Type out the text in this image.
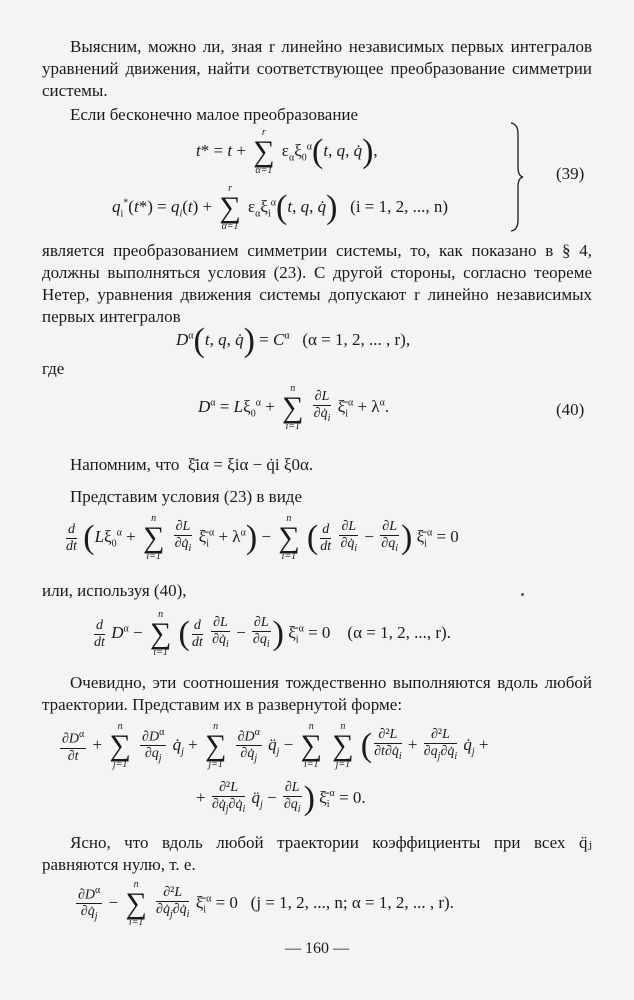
Выясним, можно ли, зная r линейно независимых первых интегралов уравнений движения, найти соответствующее преобразование симметрии системы.

Если бесконечно малое преобразование

t* = t +
r
∑
α=1
$\varepsilon_\alpha\xi_0^\alpha(t$, q, q̇),
$q_i^*(t*) = q_i(t)$ +
r
∑
α=1
$\varepsilon_\alpha\xi_i^\alpha(t$, q, q̇) (i = 1, 2, ..., n)
(39)

является преобразованием симметрии системы, то, как показано в § 4, должны выполняться условия (23). С другой стороны, согласно теореме Нетер, уравнения движения системы допускают r линейно независимых первых интегралов

$D^\alpha(t$, q, q̇) = $C^\alpha$ (α = 1, 2, ... , r),
где
$D^\alpha = L\xi_0^\alpha$ +
n
∑
i=1
$\frac{\partial L}{\partial q̇_i}$ $\xī_i^\alpha + \lambda^\alpha$.	(40)
Напомним, что ξ̄iα = ξiα − q̇i ξ0α.
Представим условия (23) в виде
$\frac{d}{dt} (L\xi_0^\alpha$ +
n
∑
i=1
$\frac{\partial L}{\partial q̇_i}$ $\xī_i^\alpha + \lambda^\alpha$) −
n
∑
i=1
( $\frac{d}{dt}$
$\frac{\partial L}{\partial q̇_i} - \frac{\partial L}{\partial q_i}$ ) $\xī_i^\alpha = 0$
или, используя (40),
$\frac{d}{dt} D^\alpha$ −
n
∑
i=1
( $\frac{d}{dt}$
$\frac{\partial L}{\partial q̇_i} - \frac{\partial L}{\partial q_i}$ ) $\xī_i^\alpha = 0$    (α = 1, 2, ..., r).

Очевидно, эти соотношения тождественно выполняются вдоль любой траектории. Представим их в развернутой форме:

$\frac{\partial D^\alpha}{\partial t}$ +
n
∑
j=1
$\frac{\partial D^\alpha}{\partial q_j}$ $q̇_j$ +
n
∑
j=1
$\frac{\partial D^\alpha}{\partial q̇_j}$ $q̈_j$ −
n
∑
i=1

n
∑
j=1
( $\frac{\text{∂²L}}{\partial t\partial q̇_i} + \frac{\text{∂²L}}{\partial q_j\partial q̇_i}$ $q̇_j$ +
+ $\frac{\text{∂²L}}{\partial q̇_j\partial q̇_i}$ $q̈_j - \frac{\partial L}{\partial q_i}$ ) $\xī_i^\alpha = 0$.

Ясно, что вдоль любой траектории коэффициенты при всех q̈ⱼ равняются нулю, т. е.

$\frac{\partial D^\alpha}{\partial q̇_j}$ −
n
∑
i=1
$\frac{\text{∂²L}}{\partial q̇_j\partial q̇_i}$ $\xī_i^\alpha = 0$   (j = 1, 2, ..., n; α = 1, 2, ... , r).
— 160 —
